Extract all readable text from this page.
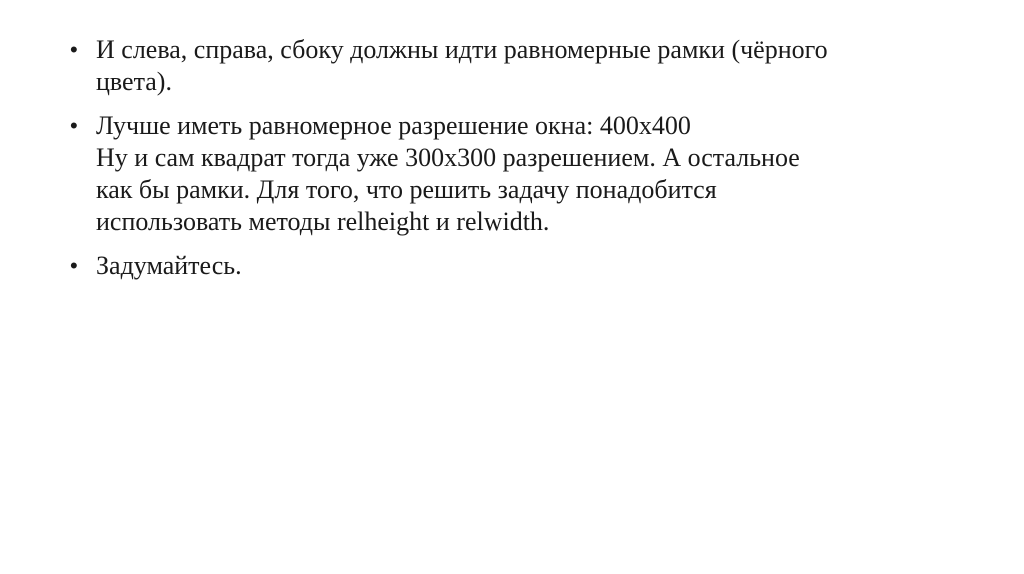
• И слева, справа, сбоку должны идти равномерные рамки (чёрного
цвета).
• Лучше иметь равномерное разрешение окна: 400x400
Ну и сам квадрат тогда уже 300x300 разрешением. А остальное
как бы рамки. Для того, что решить задачу понадобится
использовать методы relheight и relwidth.
• Задумайтесь.
